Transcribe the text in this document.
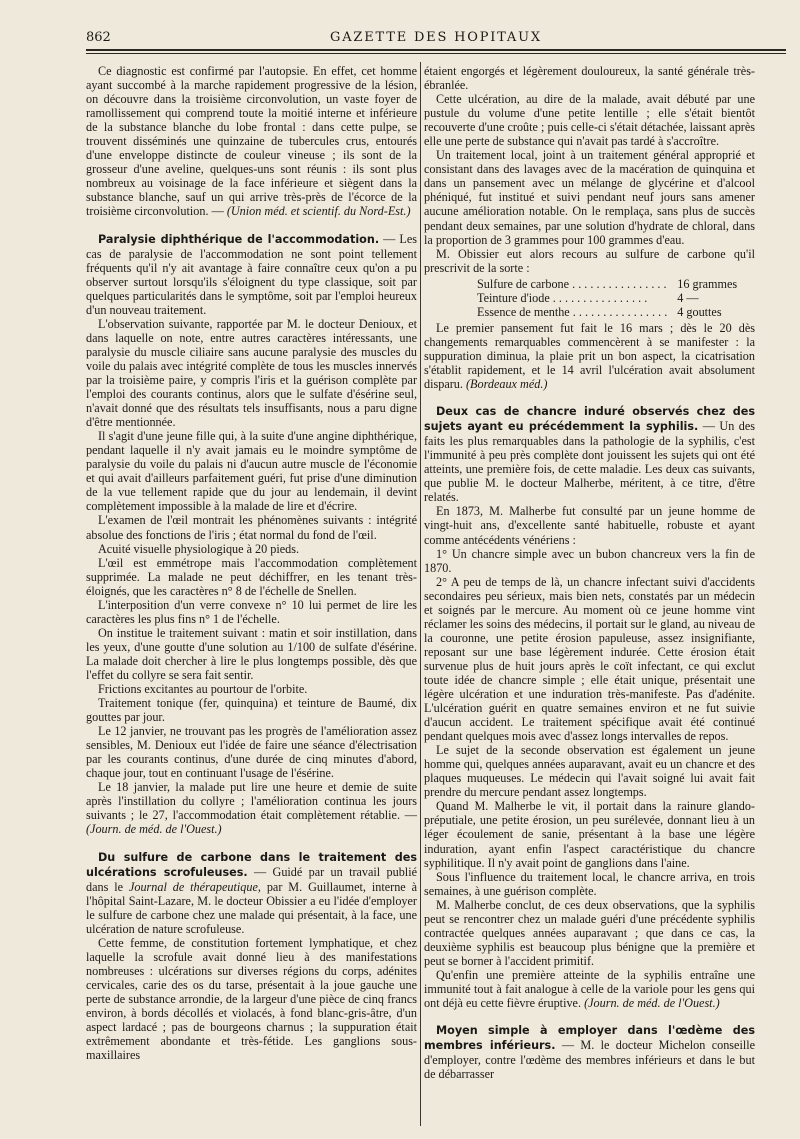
862	GAZETTE DES HOPITAUX

Ce diagnostic est confirmé par l'autopsie. En effet, cet homme ayant succombé à la marche rapidement progressive de la lésion, on découvre dans la troisième circonvolution, un vaste foyer de ramollissement qui comprend toute la moitié interne et inférieure de la substance blanche du lobe frontal : dans cette pulpe, se trouvent disséminés une quinzaine de tubercules crus, entourés d'une enveloppe distincte de couleur vineuse ; ils sont de la grosseur d'une aveline, quelques-uns sont réunis : ils sont plus nombreux au voisinage de la face inférieure et siègent dans la substance blanche, sauf un qui arrive très-près de l'écorce de la troisième circonvolution. — (Union méd. et scientif. du Nord-Est.)

Paralysie diphthérique de l'accommodation. — Les cas de paralysie de l'accommodation ne sont point tellement fréquents qu'il n'y ait avantage à faire connaître ceux qu'on a pu observer surtout lorsqu'ils s'éloignent du type classique, soit par quelques particularités dans le symptôme, soit par l'emploi heureux d'un nouveau traitement.

L'observation suivante, rapportée par M. le docteur Denioux, et dans laquelle on note, entre autres caractères intéressants, une paralysie du muscle ciliaire sans aucune paralysie des muscles du voile du palais avec intégrité complète de tous les muscles innervés par la troisième paire, y compris l'iris et la guérison complète par l'emploi des courants continus, alors que le sulfate d'ésérine seul, n'avait donné que des résultats tels insuffisants, nous a paru digne d'être mentionnée.

Il s'agit d'une jeune fille qui, à la suite d'une angine diphthérique, pendant laquelle il n'y avait jamais eu le moindre symptôme de paralysie du voile du palais ni d'aucun autre muscle de l'économie et qui avait d'ailleurs parfaitement guéri, fut prise d'une diminution de la vue tellement rapide que du jour au lendemain, il devint complètement impossible à la malade de lire et d'écrire.

L'examen de l'œil montrait les phénomènes suivants : intégrité absolue des fonctions de l'iris ; état normal du fond de l'œil.

Acuité visuelle physiologique à 20 pieds.

L'œil est emmétrope mais l'accommodation complètement supprimée. La malade ne peut déchiffrer, en les tenant très-éloignés, que les caractères n° 8 de l'échelle de Snellen.

L'interposition d'un verre convexe n° 10 lui permet de lire les caractères les plus fins n° 1 de l'échelle.

On institue le traitement suivant : matin et soir instillation, dans les yeux, d'une goutte d'une solution au 1/100 de sulfate d'ésérine. La malade doit chercher à lire le plus longtemps possible, dès que l'effet du collyre se sera fait sentir.

Frictions excitantes au pourtour de l'orbite.

Traitement tonique (fer, quinquina) et teinture de Baumé, dix gouttes par jour.

Le 12 janvier, ne trouvant pas les progrès de l'amélioration assez sensibles, M. Denioux eut l'idée de faire une séance d'électrisation par les courants continus, d'une durée de cinq minutes d'abord, chaque jour, tout en continuant l'usage de l'ésérine.

Le 18 janvier, la malade put lire une heure et demie de suite après l'instillation du collyre ; l'amélioration continua les jours suivants ; le 27, l'accommodation était complètement rétablie. — (Journ. de méd. de l'Ouest.)

Du sulfure de carbone dans le traitement des ulcérations scrofuleuses. — Guidé par un travail publié dans le Journal de thérapeutique, par M. Guillaumet, interne à l'hôpital Saint-Lazare, M. le docteur Obissier a eu l'idée d'employer le sulfure de carbone chez une malade qui présentait, à la face, une ulcération de nature scrofuleuse.

Cette femme, de constitution fortement lymphatique, et chez laquelle la scrofule avait donné lieu à des manifestations nombreuses : ulcérations sur diverses régions du corps, adénites cervicales, carie des os du tarse, présentait à la joue gauche une perte de substance arrondie, de la largeur d'une pièce de cinq francs environ, à bords décollés et violacés, à fond blanc-gris-âtre, d'un aspect lardacé ; pas de bourgeons charnus ; la suppuration était extrêmement abondante et très-fétide. Les ganglions sous-maxillaires

étaient engorgés et légèrement douloureux, la santé générale très-ébranlée.

Cette ulcération, au dire de la malade, avait débuté par une pustule du volume d'une petite lentille ; elle s'était bientôt recouverte d'une croûte ; puis celle-ci s'était détachée, laissant après elle une perte de substance qui n'avait pas tardé à s'accroître.

Un traitement local, joint à un traitement général approprié et consistant dans des lavages avec de la macération de quinquina et dans un pansement avec un mélange de glycérine et d'alcool phéniqué, fut institué et suivi pendant neuf jours sans amener aucune amélioration notable. On le remplaça, sans plus de succès pendant deux semaines, par une solution d'hydrate de chloral, dans la proportion de 3 grammes pour 100 grammes d'eau.

M. Obissier eut alors recours au sulfure de carbone qu'il prescrivit de la sorte :

Sulfure de carbone . . .	16 grammes
Teinture d'iode . . .	4 —
Essence de menthe . . .	4 gouttes

Le premier pansement fut fait le 16 mars ; dès le 20 dès changements remarquables commencèrent à se manifester : la suppuration diminua, la plaie prit un bon aspect, la cicatrisation s'établit rapidement, et le 14 avril l'ulcération avait absolument disparu. (Bordeaux méd.)

Deux cas de chancre induré observés chez des sujets ayant eu précédemment la syphilis. — Un des faits les plus remarquables dans la pathologie de la syphilis, c'est l'immunité à peu près complète dont jouissent les sujets qui ont été atteints, une première fois, de cette maladie. Les deux cas suivants, que publie M. le docteur Malherbe, méritent, à ce titre, d'être relatés.

En 1873, M. Malherbe fut consulté par un jeune homme de vingt-huit ans, d'excellente santé habituelle, robuste et ayant comme antécédents vénériens :

1° Un chancre simple avec un bubon chancreux vers la fin de 1870.

2° A peu de temps de là, un chancre infectant suivi d'accidents secondaires peu sérieux, mais bien nets, constatés par un médecin et soignés par le mercure. Au moment où ce jeune homme vint réclamer les soins des médecins, il portait sur le gland, au niveau de la couronne, une petite érosion papuleuse, assez insignifiante, reposant sur une base légèrement indurée. Cette érosion était survenue plus de huit jours après le coït infectant, ce qui exclut toute idée de chancre simple ; elle était unique, présentait une légère ulcération et une induration très-manifeste. Pas d'adénite. L'ulcération guérit en quatre semaines environ et ne fut suivie d'aucun accident. Le traitement spécifique avait été continué pendant quelques mois avec d'assez longs intervalles de repos.

Le sujet de la seconde observation est également un jeune homme qui, quelques années auparavant, avait eu un chancre et des plaques muqueuses. Le médecin qui l'avait soigné lui avait fait prendre du mercure pendant assez longtemps.

Quand M. Malherbe le vit, il portait dans la rainure glando-préputiale, une petite érosion, un peu surélevée, donnant lieu à un léger écoulement de sanie, présentant à la base une légère induration, ayant enfin l'aspect caractéristique du chancre syphilitique. Il n'y avait point de ganglions dans l'aine.

Sous l'influence du traitement local, le chancre arriva, en trois semaines, à une guérison complète.

M. Malherbe conclut, de ces deux observations, que la syphilis peut se rencontrer chez un malade guéri d'une précédente syphilis contractée quelques années auparavant ; que dans ce cas, la deuxième syphilis est beaucoup plus bénigne que la première et peut se borner à l'accident primitif.

Qu'enfin une première atteinte de la syphilis entraîne une immunité tout à fait analogue à celle de la variole pour les gens qui ont déjà eu cette fièvre éruptive. (Journ. de méd. de l'Ouest.)

Moyen simple à employer dans l'œdème des membres inférieurs. — M. le docteur Michelon conseille d'employer, contre l'œdème des membres inférieurs et dans le but de débarrasser
